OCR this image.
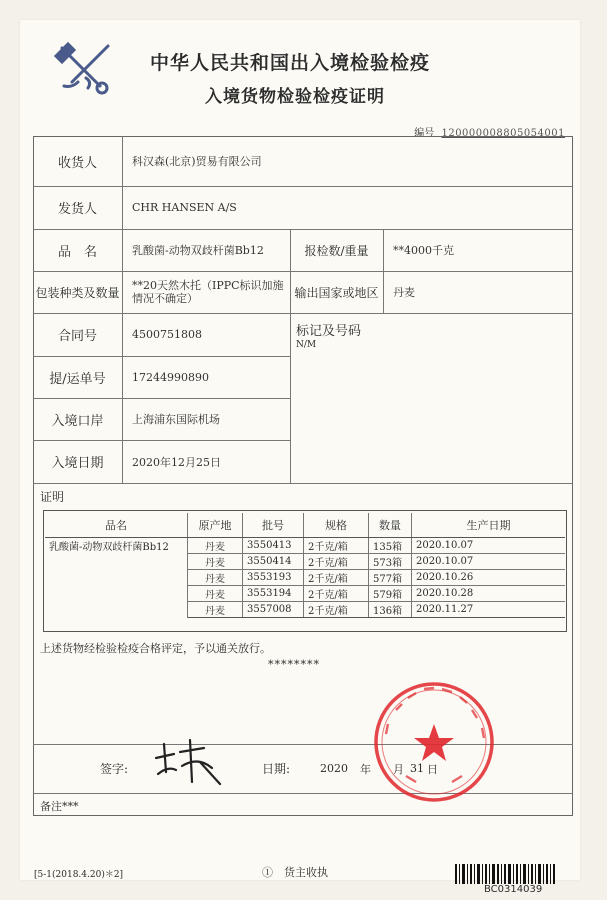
中华人民共和国出入境检验检疫
入境货物检验检疫证明
编号 120000008805054001
收货人	科汉森(北京)贸易有限公司
发货人	CHR HANSEN A/S
品　名	乳酸菌-动物双歧杆菌Bb12	报检数/重量	**4000千克
包装种类及数量	**20天然木托（IPPC标识加施情况不确定）	输出国家或地区	丹麦
合同号	4500751808	标记及号码
N/M
提/运单号	17244990890
入境口岸	上海浦东国际机场
入境日期	2020年12月25日
证明
品名	原产地	批号	规格	数量	生产日期
乳酸菌-动物双歧杆菌Bb12	丹麦	3550413	2千克/箱	135箱	2020.10.07
	丹麦	3550414	2千克/箱	573箱	2020.10.07
	丹麦	3553193	2千克/箱	577箱	2020.10.26
	丹麦	3553194	2千克/箱	579箱	2020.10.28
	丹麦	3557008	2千克/箱	136箱	2020.11.27
上述货物经检验检疫合格评定，予以通关放行。
********
签字:	日期:	2020 年 月 31 日
备注***
[5-1(2018.4.20)＊2]	①　货主收执
BC0314039
